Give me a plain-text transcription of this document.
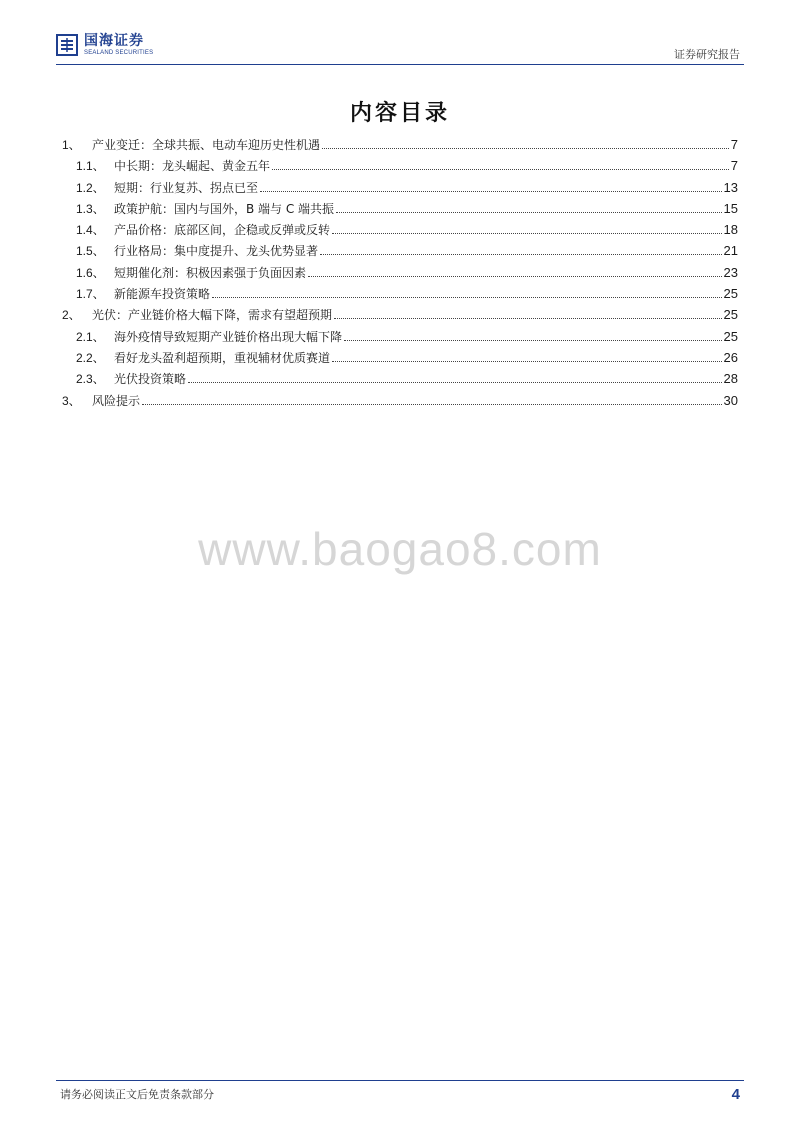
国海证券
SEALAND SECURITIES	证券研究报告
内容目录
1、 产业变迁：全球共振、电动车迎历史性机遇	7
1.1、 中长期：龙头崛起、黄金五年	7
1.2、 短期：行业复苏、拐点已至	13
1.3、 政策护航：国内与国外，B 端与 C 端共振	15
1.4、 产品价格：底部区间，企稳或反弹或反转	18
1.5、 行业格局：集中度提升、龙头优势显著	21
1.6、 短期催化剂：积极因素强于负面因素	23
1.7、 新能源车投资策略	25
2、 光伏：产业链价格大幅下降，需求有望超预期	25
2.1、 海外疫情导致短期产业链价格出现大幅下降	25
2.2、 看好龙头盈利超预期，重视辅材优质赛道	26
2.3、 光伏投资策略	28
3、 风险提示	30
www.baogao8.com
请务必阅读正文后免责条款部分	4
